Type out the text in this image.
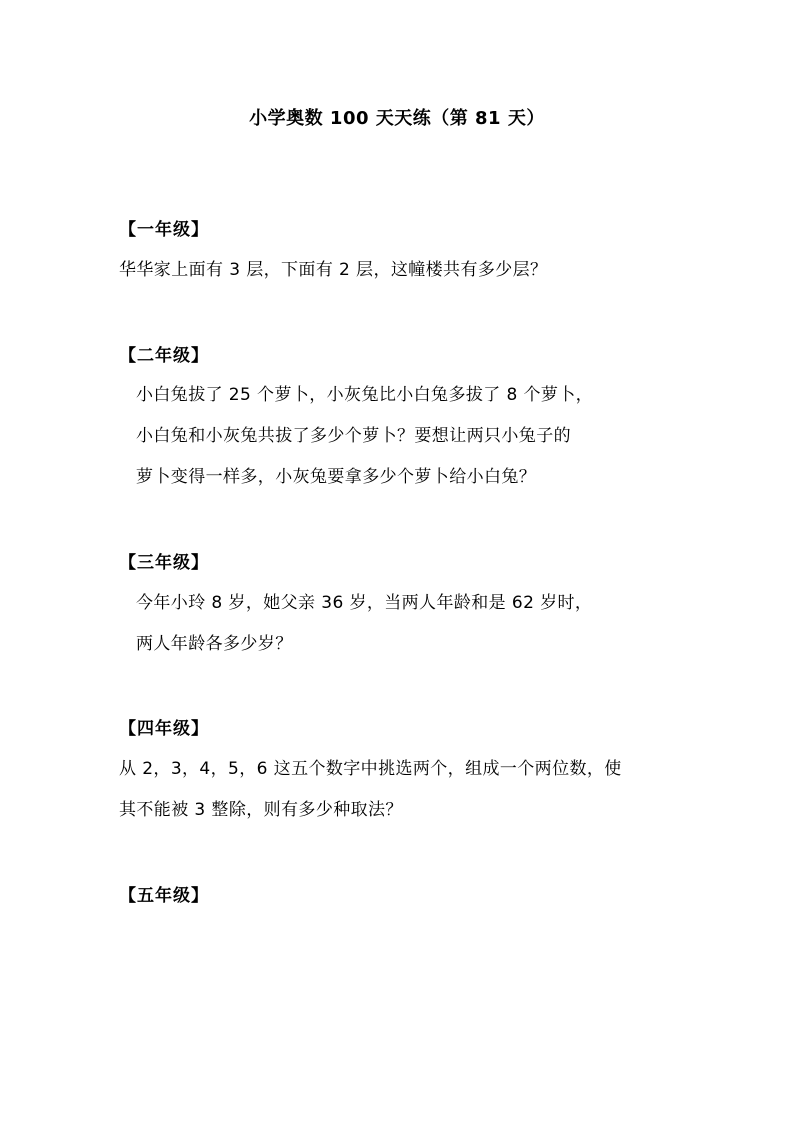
小学奥数 100 天天练（第 81 天）
【一年级】
华华家上面有 3 层，下面有 2 层，这幢楼共有多少层？
【二年级】
小白兔拔了 25 个萝卜，小灰兔比小白兔多拔了 8 个萝卜，
小白兔和小灰兔共拔了多少个萝卜？要想让两只小兔子的
萝卜变得一样多，小灰兔要拿多少个萝卜给小白兔？
【三年级】
今年小玲 8 岁，她父亲 36 岁，当两人年龄和是 62 岁时，
两人年龄各多少岁？
【四年级】
从 2，3，4，5，6 这五个数字中挑选两个，组成一个两位数，使
其不能被 3 整除，则有多少种取法？
【五年级】
